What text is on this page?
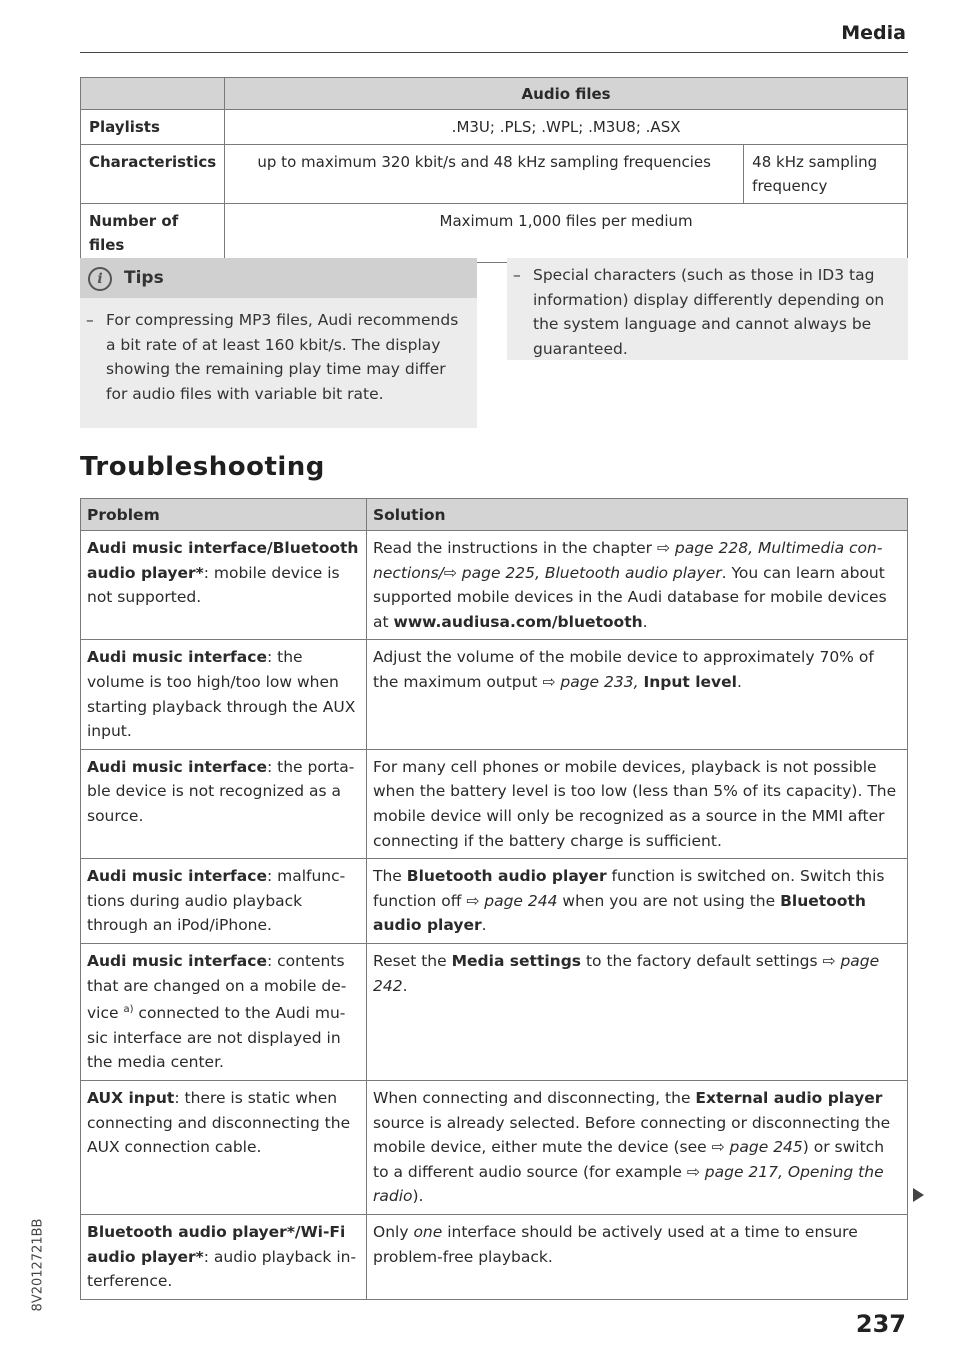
Media
	Audio files	
Playlists	.M3U; .PLS; .WPL; .M3U8; .ASX	
Characteristics	up to maximum 320 kbit/s and 48 kHz sampling frequencies	48 kHz sampling frequency
Number of files	Maximum 1,000 files per medium	
i	Tips
– For compressing MP3 files, Audi recommends a bit rate of at least 160 kbit/s. The display showing the remaining play time may differ for audio files with variable bit rate.
– Special characters (such as those in ID3 tag information) display differently depending on the system language and cannot always be guaranteed.
Troubleshooting
Problem	Solution
Audi music interface/Bluetooth audio player*: mobile device is not supported.	Read the instructions in the chapter ⇨ page 228, Multimedia connections/⇨ page 225, Bluetooth audio player. You can learn about supported mobile devices in the Audi database for mobile devices at www.audiusa.com/bluetooth.
Audi music interface: the volume is too high/too low when starting playback through the AUX input.	Adjust the volume of the mobile device to approximately 70% of the maximum output ⇨ page 233, Input level.
Audi music interface: the portable device is not recognized as a source.	For many cell phones or mobile devices, playback is not possible when the battery level is too low (less than 5% of its capacity). The mobile device will only be recognized as a source in the MMI after connecting if the battery charge is sufficient.
Audi music interface: malfunctions during audio playback through an iPod/iPhone.	The Bluetooth audio player function is switched on. Switch this function off ⇨ page 244 when you are not using the Bluetooth audio player.
Audi music interface: contents that are changed on a mobile device $^{a)}$ connected to the Audi music interface are not displayed in the media center.	Reset the Media settings to the factory default settings ⇨ page 242.
AUX input: there is static when connecting and disconnecting the AUX connection cable.	When connecting and disconnecting, the External audio player source is already selected. Before connecting or disconnecting the mobile device, either mute the device (see ⇨ page 245) or switch to a different audio source (for example ⇨ page 217, Opening the radio).
Bluetooth audio player*/Wi-Fi audio player*: audio playback interference.	Only one interface should be actively used at a time to ensure problem-free playback.
8V2012721BB
237
